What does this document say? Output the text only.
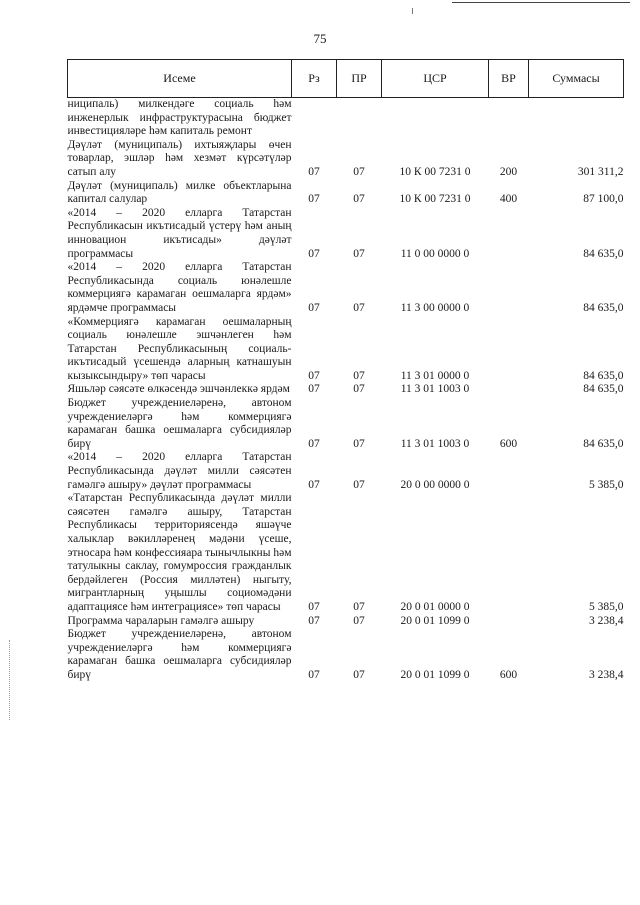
75
Исеме	Рз	ПР	ЦСР	ВР	Суммасы
ниципаль) милкендәге социаль һәм инженерлык инфраструктурасына бюджет инвестицияләре һәм капиталь ремонт					
Дәүләт (муниципаль) ихтыяҗлары өчен товарлар, эшләр һәм хезмәт күрсәтүләр сатып алу	07	07	10 К 00 7231 0	200	301 311,2
Дәүләт (муниципаль) милке объектларына капитал салулар	07	07	10 К 00 7231 0	400	87 100,0
«2014 – 2020 елларга Татарстан Республикасын икътисадый үстерү һәм аның инновацион икътисады» дәүләт программасы	07	07	11 0 00 0000 0		84 635,0
«2014 – 2020 елларга Татарстан Республикасында социаль юнәлешле коммерциягә карамаган оешмаларга ярдәм» ярдәмче программасы	07	07	11 3 00 0000 0		84 635,0
«Коммерциягә карамаган оешмаларның социаль юнәлешле эшчәнлеген һәм Татарстан Республикасының социаль-икътисадый үсешендә аларның катнашуын кызыксындыру» төп чарасы	07	07	11 3 01 0000 0		84 635,0
Яшьләр сәясәте өлкәсендә эшчәнлеккә ярдәм	07	07	11 3 01 1003 0		84 635,0
Бюджет учреждениеләренә, автоном учреждениеләргә һәм коммерциягә карамаган башка оешмаларга субсидияләр бирү	07	07	11 3 01 1003 0	600	84 635,0
«2014 – 2020 елларга Татарстан Республикасында дәүләт милли сәясәтен гамәлгә ашыру» дәүләт программасы	07	07	20 0 00 0000 0		5 385,0
«Татарстан Республикасында дәүләт милли сәясәтен гамәлгә ашыру, Татарстан Республикасы территориясендә яшәүче халыклар вәкилләренең мәдәни үсеше, этносара һәм конфессияара тынычлыкны һәм татулыкны саклау, гомумроссия гражданлык бердәйлеген (Россия милләтен) ныгыту, мигрантларның уңышлы социомәдәни адаптациясе һәм интеграциясе» төп чарасы	07	07	20 0 01 0000 0		5 385,0
Программа чараларын гамәлгә ашыру	07	07	20 0 01 1099 0		3 238,4
Бюджет учреждениеләренә, автоном учреждениеләргә һәм коммерциягә карамаган башка оешмаларга субсидияләр бирү	07	07	20 0 01 1099 0	600	3 238,4
